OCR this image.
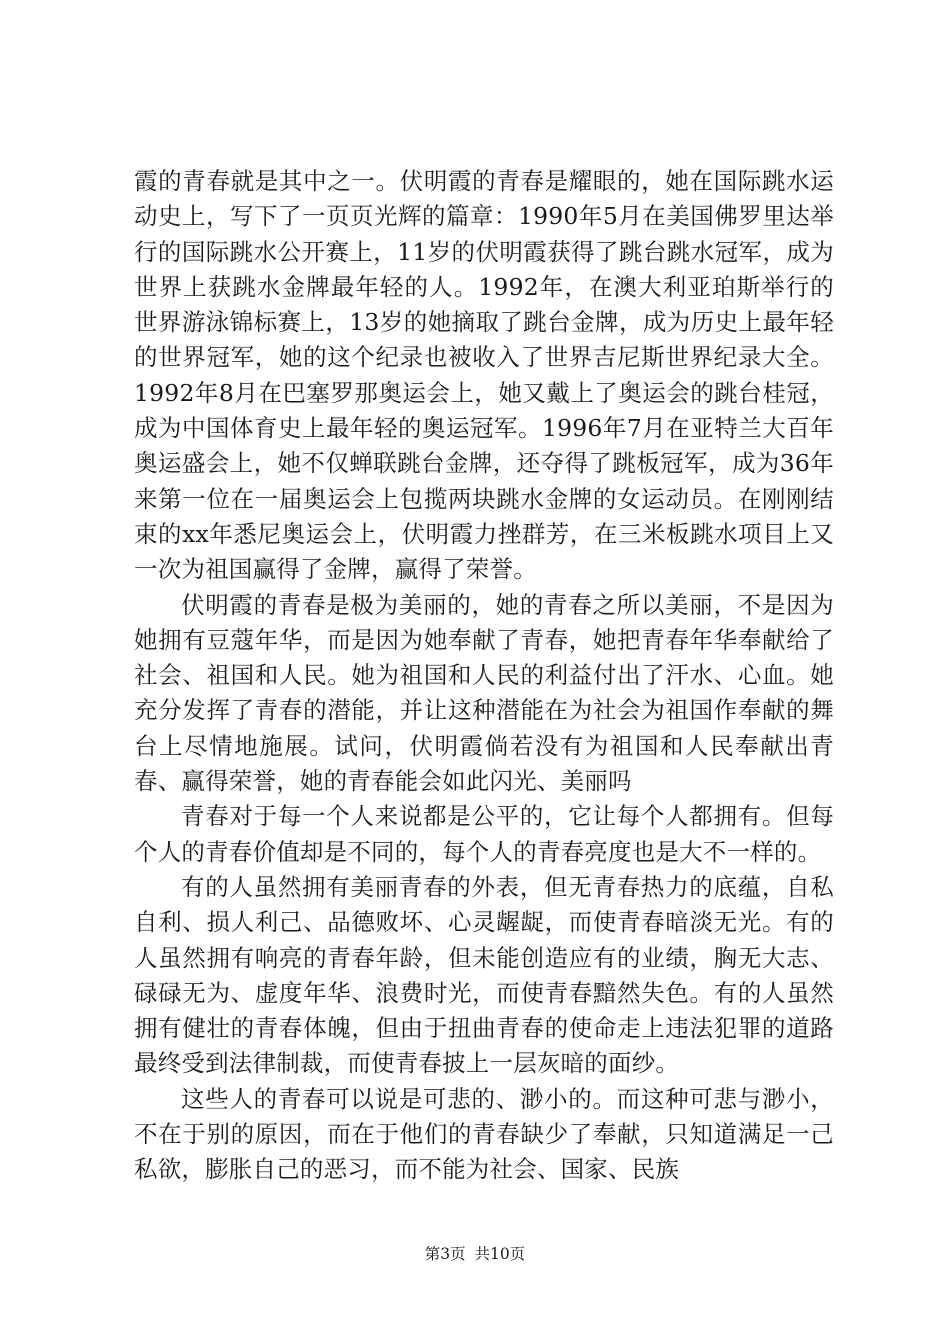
霞的青春就是其中之一。伏明霞的青春是耀眼的，她在国际跳水运动史上，写下了一页页光辉的篇章：1990年5月在美国佛罗里达举行的国际跳水公开赛上，11岁的伏明霞获得了跳台跳水冠军，成为世界上获跳水金牌最年轻的人。1992年，在澳大利亚珀斯举行的世界游泳锦标赛上，13岁的她摘取了跳台金牌，成为历史上最年轻的世界冠军，她的这个纪录也被收入了世界吉尼斯世界纪录大全。1992年8月在巴塞罗那奥运会上，她又戴上了奥运会的跳台桂冠，成为中国体育史上最年轻的奥运冠军。1996年7月在亚特兰大百年奥运盛会上，她不仅蝉联跳台金牌，还夺得了跳板冠军，成为36年来第一位在一届奥运会上包揽两块跳水金牌的女运动员。在刚刚结束的xx年悉尼奥运会上，伏明霞力挫群芳，在三米板跳水项目上又一次为祖国赢得了金牌，赢得了荣誉。

伏明霞的青春是极为美丽的，她的青春之所以美丽，不是因为她拥有豆蔻年华，而是因为她奉献了青春，她把青春年华奉献给了社会、祖国和人民。她为祖国和人民的利益付出了汗水、心血。她充分发挥了青春的潜能，并让这种潜能在为社会为祖国作奉献的舞台上尽情地施展。试问，伏明霞倘若没有为祖国和人民奉献出青春、赢得荣誉，她的青春能会如此闪光、美丽吗

青春对于每一个人来说都是公平的，它让每个人都拥有。但每个人的青春价值却是不同的，每个人的青春亮度也是大不一样的。

有的人虽然拥有美丽青春的外表，但无青春热力的底蕴，自私自利、损人利己、品德败坏、心灵龌龊，而使青春暗淡无光。有的人虽然拥有响亮的青春年龄，但未能创造应有的业绩，胸无大志、碌碌无为、虚度年华、浪费时光，而使青春黯然失色。有的人虽然拥有健壮的青春体魄，但由于扭曲青春的使命走上违法犯罪的道路最终受到法律制裁，而使青春披上一层灰暗的面纱。

这些人的青春可以说是可悲的、渺小的。而这种可悲与渺小，不在于别的原因，而在于他们的青春缺少了奉献，只知道满足一己私欲，膨胀自己的恶习，而不能为社会、国家、民族

第3页 共10页
